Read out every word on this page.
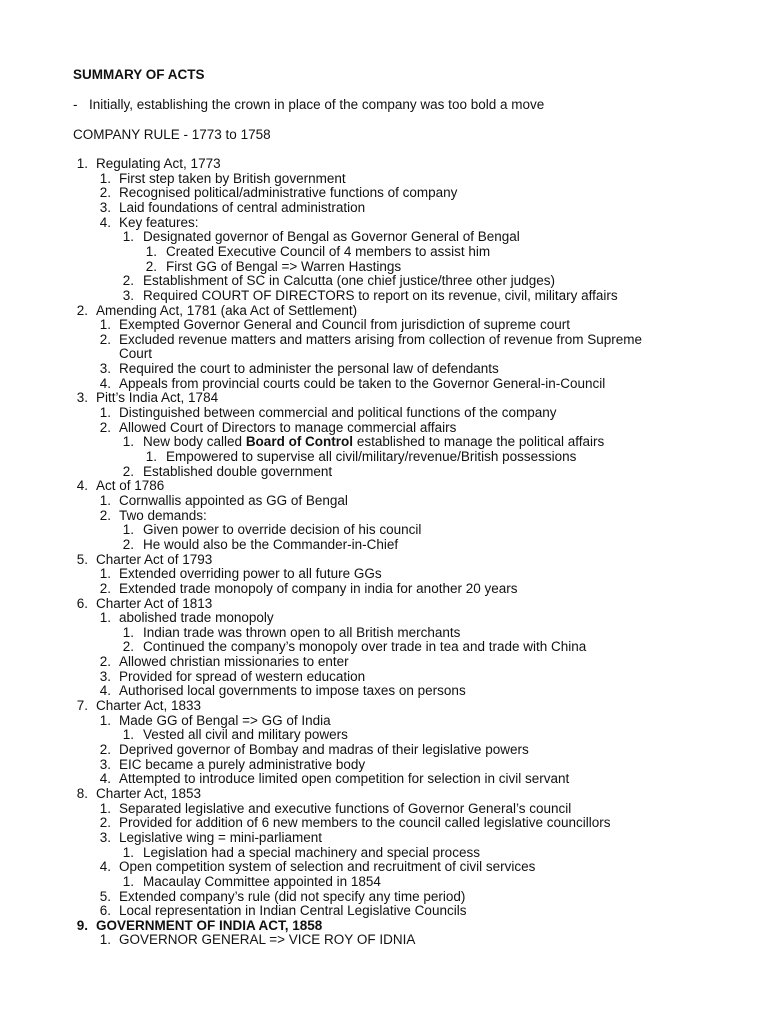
SUMMARY OF ACTS
- Initially, establishing the crown in place of the company was too bold a move
COMPANY RULE - 1773 to 1758
1. Regulating Act, 1773
1. First step taken by British government
2. Recognised political/administrative functions of company
3. Laid foundations of central administration
4. Key features:
1. Designated governor of Bengal as Governor General of Bengal
1. Created Executive Council of 4 members to assist him
2. First GG of Bengal => Warren Hastings
2. Establishment of SC in Calcutta (one chief justice/three other judges)
3. Required COURT OF DIRECTORS to report on its revenue, civil, military affairs
2. Amending Act, 1781 (aka Act of Settlement)
1. Exempted Governor General and Council from jurisdiction of supreme court
2. Excluded revenue matters and matters arising from collection of revenue from Supreme
Court
3. Required the court to administer the personal law of defendants
4. Appeals from provincial courts could be taken to the Governor General-in-Council
3. Pitt’s India Act, 1784
1. Distinguished between commercial and political functions of the company
2. Allowed Court of Directors to manage commercial affairs
1. New body called Board of Control established to manage the political affairs
1. Empowered to supervise all civil/military/revenue/British possessions
2. Established double government
4. Act of 1786
1. Cornwallis appointed as GG of Bengal
2. Two demands:
1. Given power to override decision of his council
2. He would also be the Commander-in-Chief
5. Charter Act of 1793
1. Extended overriding power to all future GGs
2. Extended trade monopoly of company in india for another 20 years
6. Charter Act of 1813
1. abolished trade monopoly
1. Indian trade was thrown open to all British merchants
2. Continued the company’s monopoly over trade in tea and trade with China
2. Allowed christian missionaries to enter
3. Provided for spread of western education
4. Authorised local governments to impose taxes on persons
7. Charter Act, 1833
1. Made GG of Bengal => GG of India
1. Vested all civil and military powers
2. Deprived governor of Bombay and madras of their legislative powers
3. EIC became a purely administrative body
4. Attempted to introduce limited open competition for selection in civil servant
8. Charter Act, 1853
1. Separated legislative and executive functions of Governor General’s council
2. Provided for addition of 6 new members to the council called legislative councillors
3. Legislative wing = mini-parliament
1. Legislation had a special machinery and special process
4. Open competition system of selection and recruitment of civil services
1. Macaulay Committee appointed in 1854
5. Extended company’s rule (did not specify any time period)
6. Local representation in Indian Central Legislative Councils
9. GOVERNMENT OF INDIA ACT, 1858
1. GOVERNOR GENERAL => VICE ROY OF IDNIA
